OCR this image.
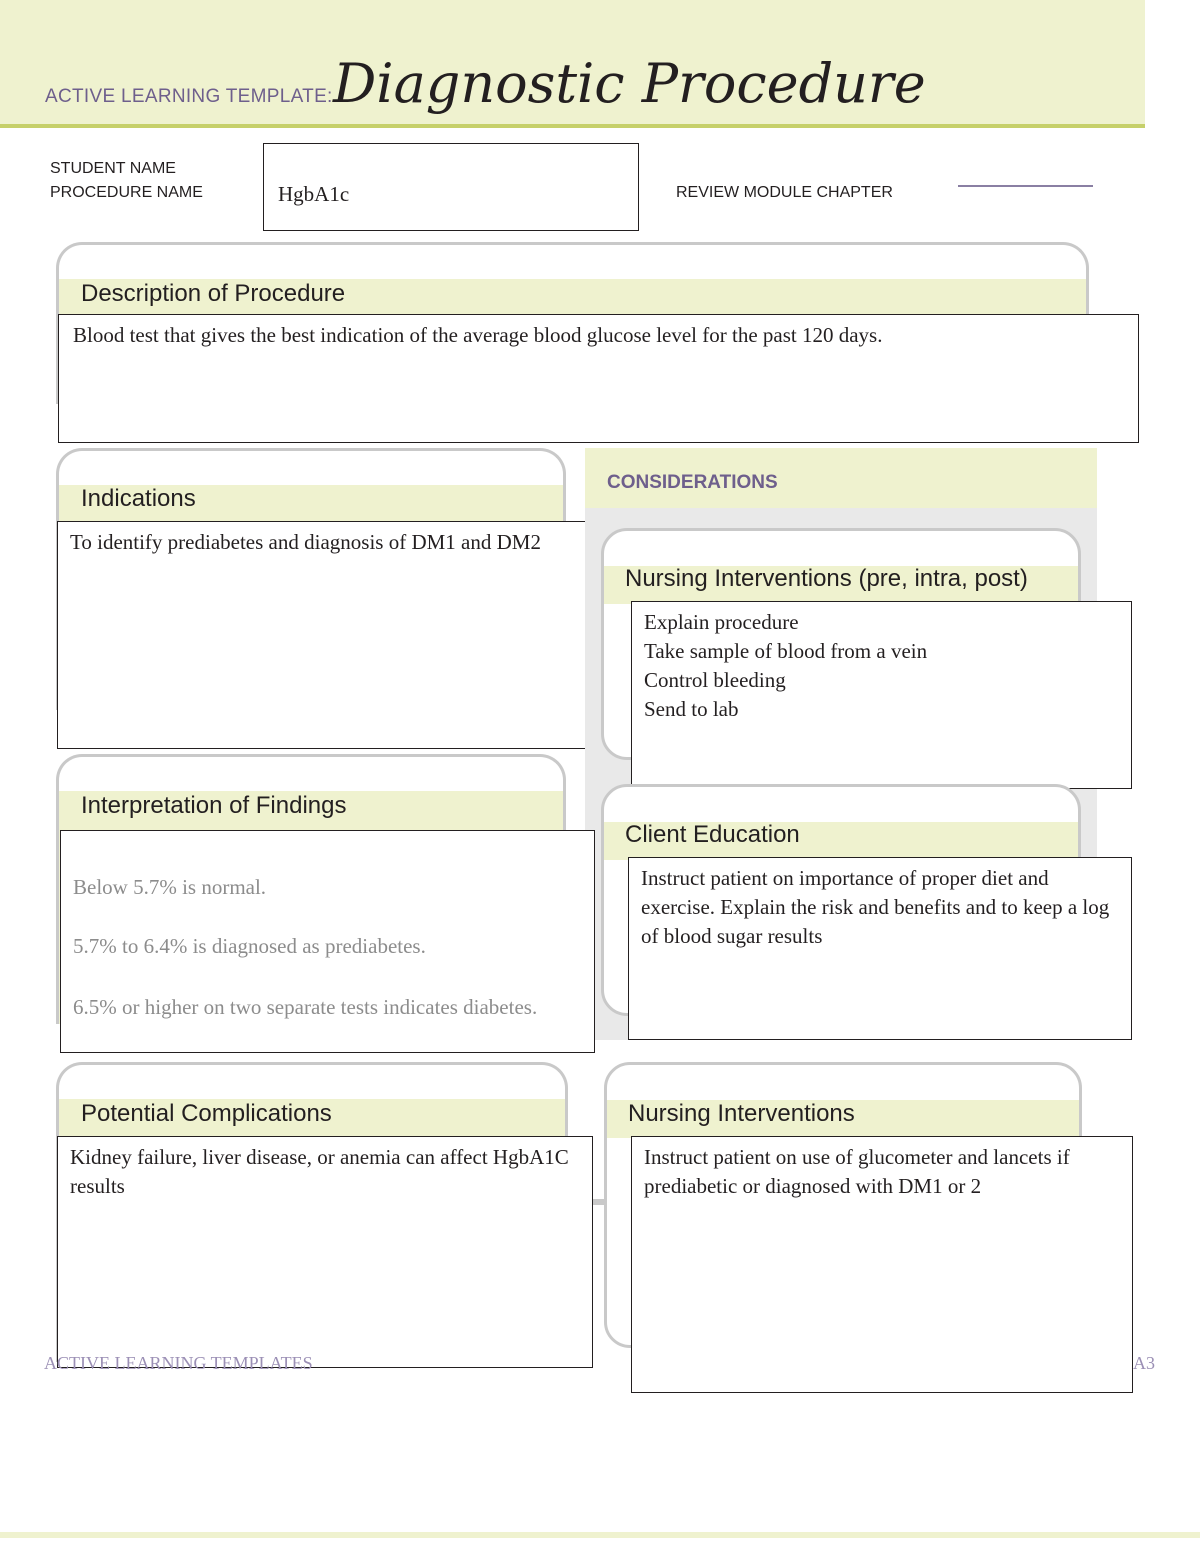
ACTIVE LEARNING TEMPLATE: Diagnostic Procedure
STUDENT NAME
PROCEDURE NAME	HgbA1c	REVIEW MODULE CHAPTER
Description of Procedure

Blood test that gives the best indication of the average blood glucose level for the past 120 days.

Indications

To identify prediabetes and diagnosis of DM1 and DM2

CONSIDERATIONS
Nursing Interventions (pre, intra, post)

Explain procedure

Take sample of blood from a vein

Control bleeding

Send to lab

Interpretation of Findings

Below 5.7% is normal.

5.7% to 6.4% is diagnosed as prediabetes.

6.5% or higher on two separate tests indicates diabetes.

Client Education

Instruct patient on importance of proper diet and exercise. Explain the risk and benefits and to keep a log of blood sugar results

Potential Complications

Kidney failure, liver disease, or anemia can affect HgbA1C results

Nursing Interventions

Instruct patient on use of glucometer and lancets if prediabetic or diagnosed with DM1 or 2

ACTIVE LEARNING TEMPLATES	A3
